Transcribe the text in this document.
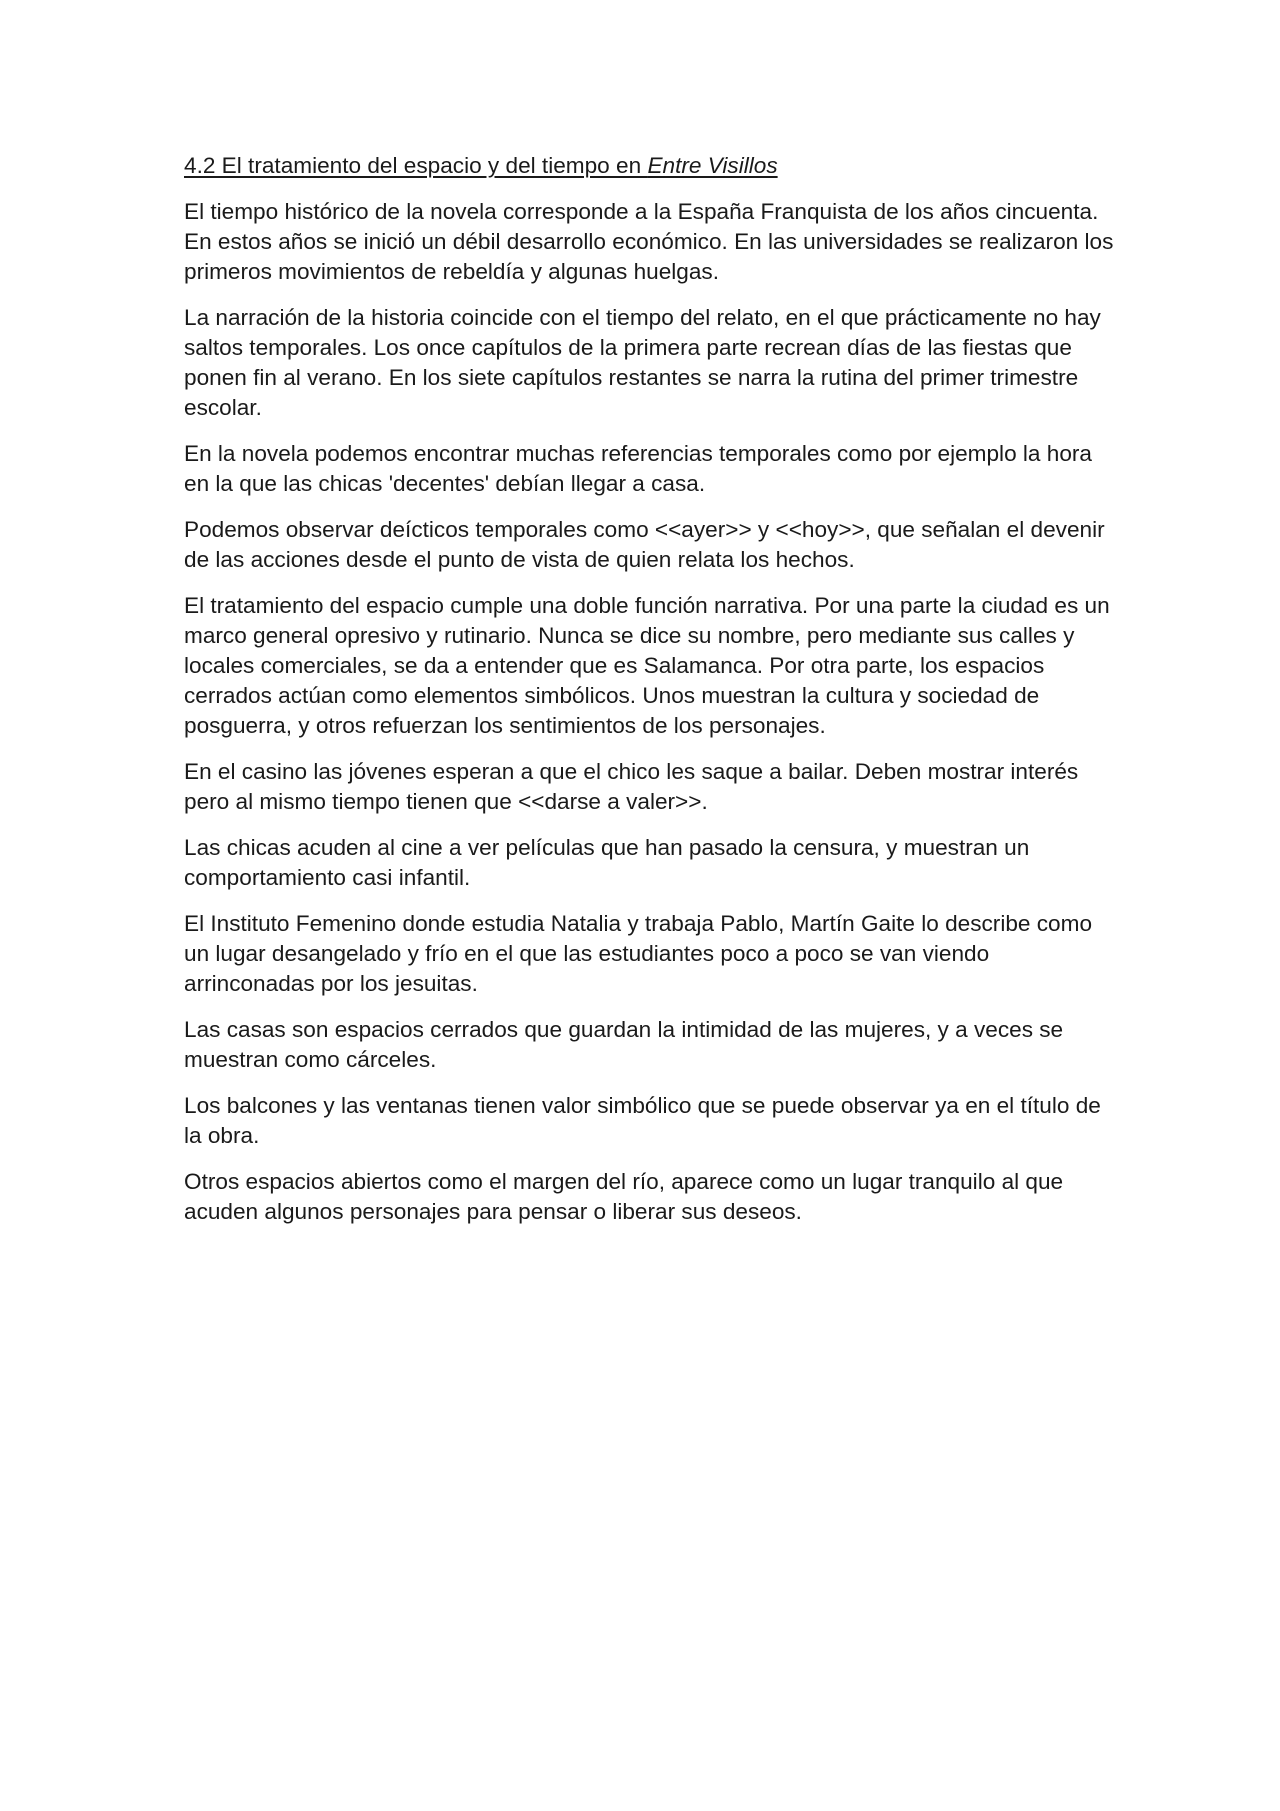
4.2 El tratamiento del espacio y del tiempo en Entre Visillos

El tiempo histórico de la novela corresponde a la España Franquista de los años cincuenta. En estos años se inició un débil desarrollo económico. En las universidades se realizaron los primeros movimientos de rebeldía y algunas huelgas.

La narración de la historia coincide con el tiempo del relato, en el que prácticamente no hay saltos temporales. Los once capítulos de la primera parte recrean días de las fiestas que ponen fin al verano. En los siete capítulos restantes se narra la rutina del primer trimestre escolar.

En la novela podemos encontrar muchas referencias temporales como por ejemplo la hora en la que las chicas 'decentes' debían llegar a casa.

Podemos observar deícticos temporales como <<ayer>> y <<hoy>>, que señalan el devenir de las acciones desde el punto de vista de quien relata los hechos.

El tratamiento del espacio cumple una doble función narrativa. Por una parte la ciudad es un marco general opresivo y rutinario. Nunca se dice su nombre, pero mediante sus calles y locales comerciales, se da a entender que es Salamanca. Por otra parte, los espacios cerrados actúan como elementos simbólicos. Unos muestran la cultura y sociedad de posguerra, y otros refuerzan los sentimientos de los personajes.

En el casino las jóvenes esperan a que el chico les saque a bailar. Deben mostrar interés pero al mismo tiempo tienen que <<darse a valer>>.

Las chicas acuden al cine a ver películas que han pasado la censura, y muestran un comportamiento casi infantil.

El Instituto Femenino donde estudia Natalia y trabaja Pablo, Martín Gaite lo describe como un lugar desangelado y frío en el que las estudiantes poco a poco se van viendo arrinconadas por los jesuitas.

Las casas son espacios cerrados que guardan la intimidad de las mujeres, y a veces se muestran como cárceles.

Los balcones y las ventanas tienen valor simbólico que se puede observar ya en el título de la obra.

Otros espacios abiertos como el margen del río, aparece como un lugar tranquilo al que acuden algunos personajes para pensar o liberar sus deseos.
